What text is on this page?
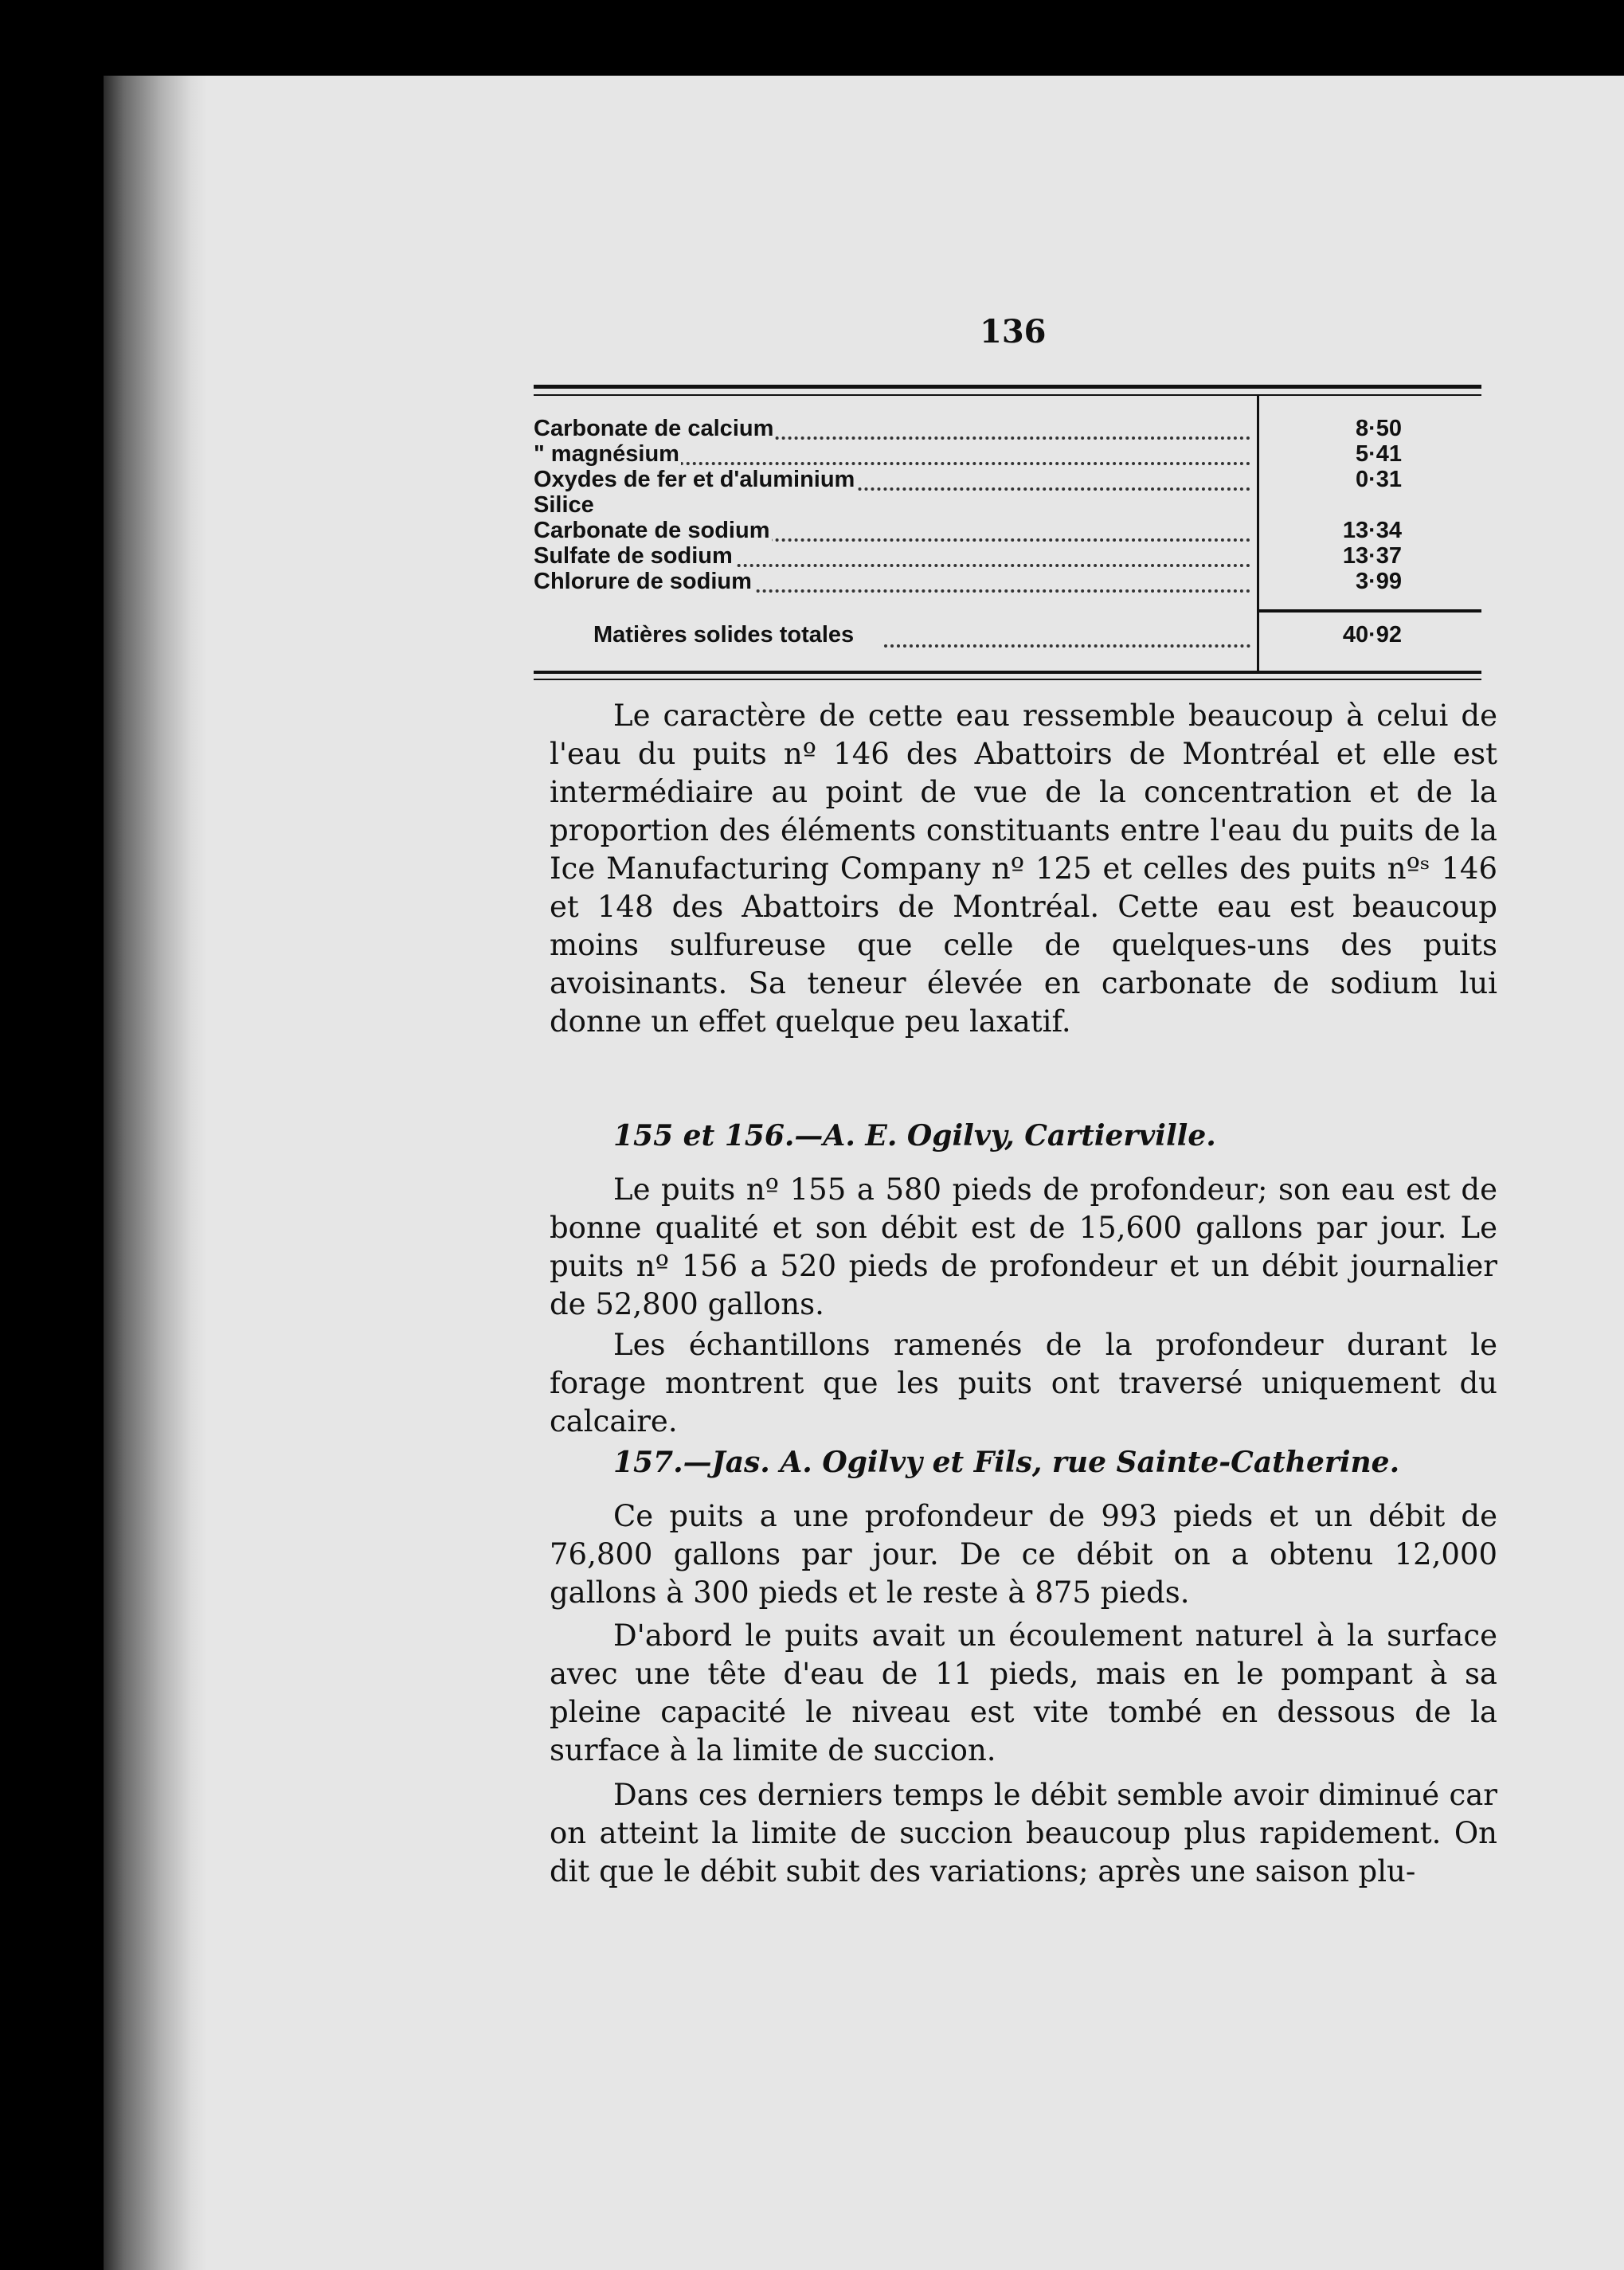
136
Carbonate de calcium	8·50
" magnésium	5·41
Oxydes de fer et d'aluminium	0·31
Silice
Carbonate de sodium	13·34
Sulfate de sodium	13·37
Chlorure de sodium	3·99
Matières solides totales	40·92

Le caractère de cette eau ressemble beaucoup à celui de l'eau du puits nº 146 des Abattoirs de Montréal et elle est intermédiaire au point de vue de la concentration et de la proportion des éléments constituants entre l'eau du puits de la Ice Manufacturing Company nº 125 et celles des puits nºˢ 146 et 148 des Abattoirs de Montréal. Cette eau est beaucoup moins sulfureuse que celle de quelques-uns des puits avoisinants. Sa teneur élevée en carbonate de sodium lui donne un effet quelque peu laxatif.

155 et 156.—A. E. Ogilvy, Cartierville.

Le puits nº 155 a 580 pieds de profondeur; son eau est de bonne qualité et son débit est de 15,600 gallons par jour. Le puits nº 156 a 520 pieds de profondeur et un débit journalier de 52,800 gallons.

Les échantillons ramenés de la profondeur durant le forage montrent que les puits ont traversé uniquement du calcaire.

157.—Jas. A. Ogilvy et Fils, rue Sainte-Catherine.

Ce puits a une profondeur de 993 pieds et un débit de 76,800 gallons par jour. De ce débit on a obtenu 12,000 gallons à 300 pieds et le reste à 875 pieds.

D'abord le puits avait un écoulement naturel à la surface avec une tête d'eau de 11 pieds, mais en le pompant à sa pleine capacité le niveau est vite tombé en dessous de la surface à la limite de succion.

Dans ces derniers temps le débit semble avoir diminué car on atteint la limite de succion beaucoup plus rapidement. On dit que le débit subit des variations; après une saison plu-
